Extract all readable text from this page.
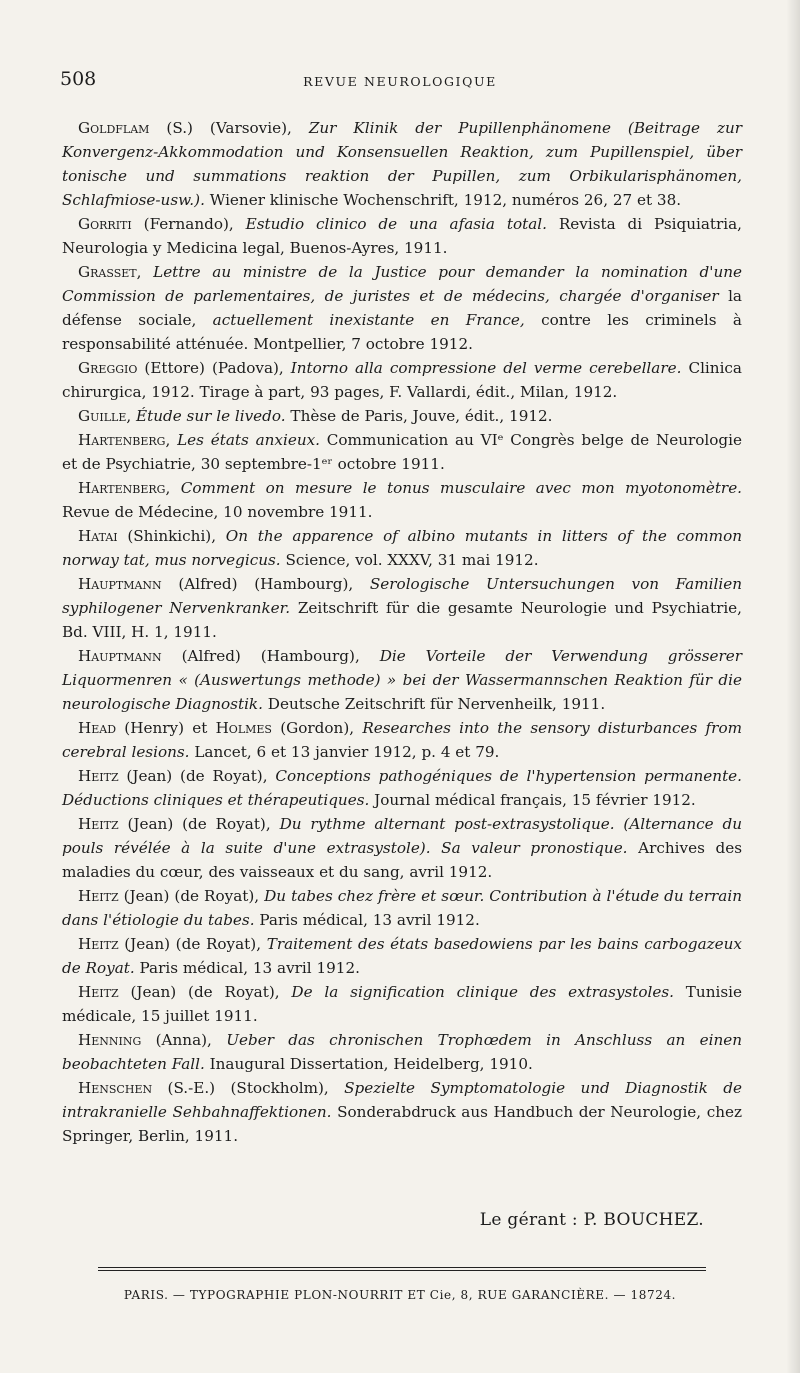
508	REVUE NEUROLOGIQUE

Goldflam (S.) (Varsovie), Zur Klinik der Pupillenphänomene (Beitrage zur Konvergenz-Akkommodation und Konsensuellen Reaktion, zum Pupillenspiel, über tonische und summations reaktion der Pupillen, zum Orbikularisphänomen, Schlafmiose-usw.). Wiener klinische Wochenschrift, 1912, numéros 26, 27 et 38.

Gorriti (Fernando), Estudio clinico de una afasia total. Revista di Psiquiatria, Neurologia y Medicina legal, Buenos-Ayres, 1911.

Grasset, Lettre au ministre de la Justice pour demander la nomination d'une Commission de parlementaires, de juristes et de médecins, chargée d'organiser la défense sociale, actuellement inexistante en France, contre les criminels à responsabilité atténuée. Montpellier, 7 octobre 1912.

Greggio (Ettore) (Padova), Intorno alla compressione del verme cerebellare. Clinica chirurgica, 1912. Tirage à part, 93 pages, F. Vallardi, édit., Milan, 1912.

Guille, Étude sur le livedo. Thèse de Paris, Jouve, édit., 1912.

Hartenberg, Les états anxieux. Communication au VIᵉ Congrès belge de Neurologie et de Psychiatrie, 30 septembre-1ᵉʳ octobre 1911.

Hartenberg, Comment on mesure le tonus musculaire avec mon myotonomètre. Revue de Médecine, 10 novembre 1911.

Hatai (Shinkichi), On the apparence of albino mutants in litters of the common norway tat, mus norvegicus. Science, vol. XXXV, 31 mai 1912.

Hauptmann (Alfred) (Hambourg), Serologische Untersuchungen von Familien syphilogener Nervenkranker. Zeitschrift für die gesamte Neurologie und Psychiatrie, Bd. VIII, H. 1, 1911.

Hauptmann (Alfred) (Hambourg), Die Vorteile der Verwendung grösserer Liquormenren « (Auswertungs methode) » bei der Wassermannschen Reaktion für die neurologische Diagnostik. Deutsche Zeitschrift für Nervenheilk, 1911.

Head (Henry) et Holmes (Gordon), Researches into the sensory disturbances from cerebral lesions. Lancet, 6 et 13 janvier 1912, p. 4 et 79.

Heitz (Jean) (de Royat), Conceptions pathogéniques de l'hypertension permanente. Déductions cliniques et thérapeutiques. Journal médical français, 15 février 1912.

Heitz (Jean) (de Royat), Du rythme alternant post-extrasystolique. (Alternance du pouls révélée à la suite d'une extrasystole). Sa valeur pronostique. Archives des maladies du cœur, des vaisseaux et du sang, avril 1912.

Heitz (Jean) (de Royat), Du tabes chez frère et sœur. Contribution à l'étude du terrain dans l'étiologie du tabes. Paris médical, 13 avril 1912.

Heitz (Jean) (de Royat), Traitement des états basedowiens par les bains carbogazeux de Royat. Paris médical, 13 avril 1912.

Heitz (Jean) (de Royat), De la signification clinique des extrasystoles. Tunisie médicale, 15 juillet 1911.

Henning (Anna), Ueber das chronischen Trophœdem in Anschluss an einen beobachteten Fall. Inaugural Dissertation, Heidelberg, 1910.

Henschen (S.-E.) (Stockholm), Spezielte Symptomatologie und Diagnostik de intrakranielle Sehbahnaffektionen. Sonderabdruck aus Handbuch der Neurologie, chez Springer, Berlin, 1911.

Le gérant : P. BOUCHEZ.
PARIS. — TYPOGRAPHIE PLON-NOURRIT ET Cie, 8, RUE GARANCIÈRE. — 18724.
